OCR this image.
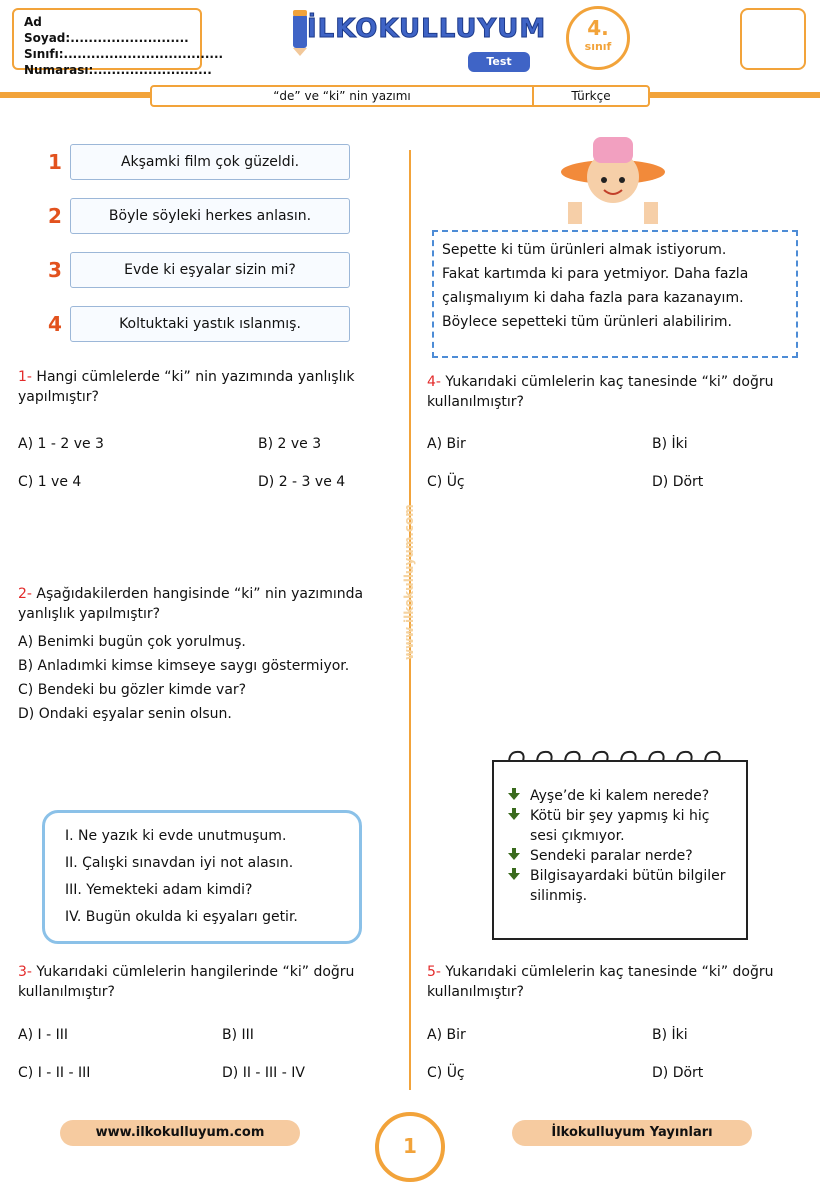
Ad Soyad:..........................
Sınıfı:...................................
Numarası:..........................
İLKOKULLUYUM
Test
4.
sınıf
“de” ve “ki” nin yazımı	Türkçe
www.ilkokulluyum.com
1	Akşamki film çok güzeldi.
2	Böyle söyleki herkes anlasın.
3	Evde ki eşyalar sizin mi?
4	Koltuktaki yastık ıslanmış.
1- Hangi cümlelerde “ki” nin yazımında yanlışlık yapılmıştır?
A) 1 - 2 ve 3	B) 2 ve 3
C) 1 ve 4	D) 2 - 3 ve 4
2- Aşağıdakilerden hangisinde “ki” nin yazımında yanlışlık yapılmıştır?
A) Benimki bugün çok yorulmuş.
B) Anladımki kimse kimseye saygı göstermiyor.
C) Bendeki bu gözler kimde var?
D) Ondaki eşyalar senin olsun.
I. Ne yazık ki evde unutmuşum.
II. Çalışki sınavdan iyi not alasın.
III. Yemekteki adam kimdi?
IV. Bugün okulda ki eşyaları getir.
3- Yukarıdaki cümlelerin hangilerinde “ki” doğru kullanılmıştır?
A) I - III	B) III
C) I - II - III	D) II - III - IV
Sepette ki tüm ürünleri almak istiyorum.
Fakat kartımda ki para yetmiyor. Daha fazla
çalışmalıyım ki daha fazla para kazanayım.
Böylece sepetteki tüm ürünleri alabilirim.
4- Yukarıdaki cümlelerin kaç tanesinde “ki” doğru kullanılmıştır?
A) Bir	B) İki
C) Üç	D) Dört
Ayşe’de ki kalem nerede?
Kötü bir şey yapmış ki hiç sesi çıkmıyor.
Sendeki paralar nerde?
Bilgisayardaki bütün bilgiler silinmiş.
5- Yukarıdaki cümlelerin kaç tanesinde “ki” doğru kullanılmıştır?
A) Bir	B) İki
C) Üç	D) Dört
www.ilkokulluyum.com	İlkokulluyum Yayınları
1
